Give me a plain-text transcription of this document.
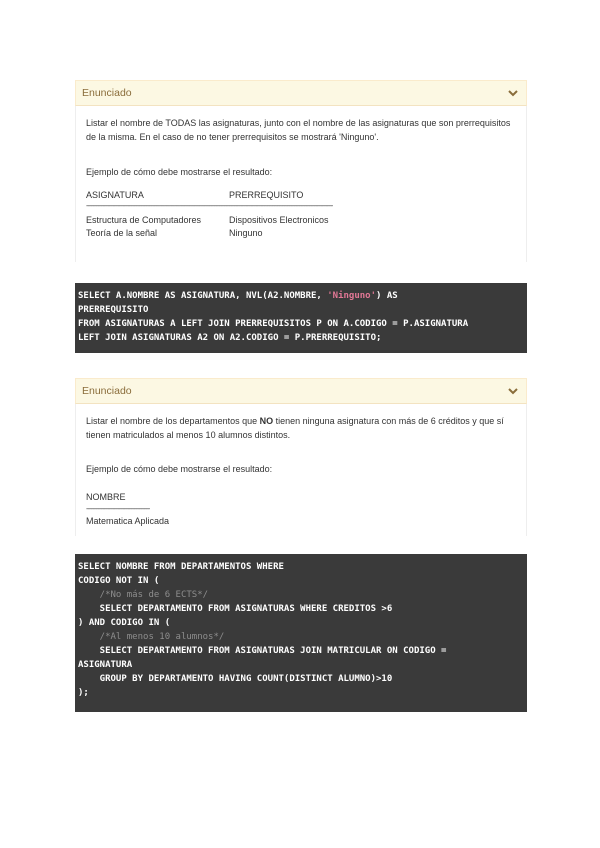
Enunciado

Listar el nombre de TODAS las asignaturas, junto con el nombre de las asignaturas que son prerrequisitos de la misma. En el caso de no tener prerrequisitos se mostrará 'Ninguno'.

Ejemplo de cómo debe mostrarse el resultado:

ASIGNATURA	PRERREQUISITO
----------------------------------------------------------------------------------------------------------------------------------------------------
Estructura de Computadores	Dispositivos Electronicos
Teoría de la señal	Ninguno
SELECT A.NOMBRE AS ASIGNATURA, NVL(A2.NOMBRE, 'Ninguno') AS
PRERREQUISITO
FROM ASIGNATURAS A LEFT JOIN PRERREQUISITOS P ON A.CODIGO = P.ASIGNATURA
LEFT JOIN ASIGNATURAS A2 ON A2.CODIGO = P.PRERREQUISITO;
Enunciado

Listar el nombre de los departamentos que NO tienen ninguna asignatura con más de 6 créditos y que sí tienen matriculados al menos 10 alumnos distintos.

Ejemplo de cómo debe mostrarse el resultado:

NOMBRE

--------------------------------------

Matematica Aplicada

SELECT NOMBRE FROM DEPARTAMENTOS WHERE
CODIGO NOT IN (
/*No más de 6 ECTS*/
SELECT DEPARTAMENTO FROM ASIGNATURAS WHERE CREDITOS >6
) AND CODIGO IN (
/*Al menos 10 alumnos*/
SELECT DEPARTAMENTO FROM ASIGNATURAS JOIN MATRICULAR ON CODIGO =
ASIGNATURA
GROUP BY DEPARTAMENTO HAVING COUNT(DISTINCT ALUMNO)>10
);
